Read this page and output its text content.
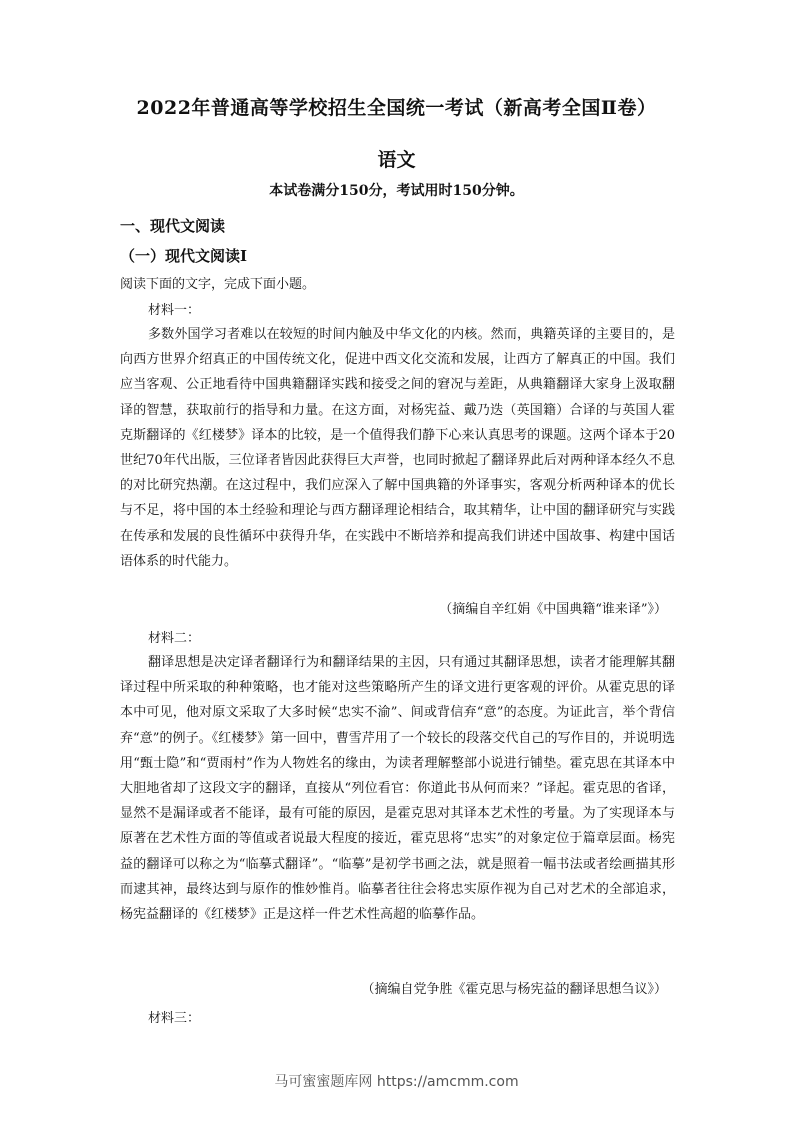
2022年普通高等学校招生全国统一考试（新高考全国Ⅱ卷）
语文
本试卷满分150分，考试用时150分钟。
一、现代文阅读
（一）现代文阅读Ⅰ
阅读下面的文字，完成下面小题。
材料一：
多数外国学习者难以在较短的时间内触及中华文化的内核。然而，典籍英译的主要目的，是向西方世界介绍真正的中国传统文化，促进中西文化交流和发展，让西方了解真正的中国。我们应当客观、公正地看待中国典籍翻译实践和接受之间的窘况与差距，从典籍翻译大家身上汲取翻译的智慧，获取前行的指导和力量。在这方面，对杨宪益、戴乃迭（英国籍）合译的与英国人霍克斯翻译的《红楼梦》译本的比较，是一个值得我们静下心来认真思考的课题。这两个译本于20世纪70年代出版，三位译者皆因此获得巨大声誉，也同时掀起了翻译界此后对两种译本经久不息的对比研究热潮。在这过程中，我们应深入了解中国典籍的外译事实，客观分析两种译本的优长与不足，将中国的本土经验和理论与西方翻译理论相结合，取其精华，让中国的翻译研究与实践在传承和发展的良性循环中获得升华，在实践中不断培养和提高我们讲述中国故事、构建中国话语体系的时代能力。
（摘编自辛红娟《中国典籍“谁来译”》）
材料二：
翻译思想是决定译者翻译行为和翻译结果的主因，只有通过其翻译思想，读者才能理解其翻译过程中所采取的种种策略，也才能对这些策略所产生的译文进行更客观的评价。从霍克思的译本中可见，他对原文采取了大多时候“忠实不渝”、间或背信弃“意”的态度。为证此言，举个背信弃“意”的例子。《红楼梦》第一回中，曹雪芹用了一个较长的段落交代自己的写作目的，并说明选用“甄士隐”和“贾雨村”作为人物姓名的缘由，为读者理解整部小说进行铺垫。霍克思在其译本中大胆地省却了这段文字的翻译，直接从“列位看官：你道此书从何而来？”译起。霍克思的省译，显然不是漏译或者不能译，最有可能的原因，是霍克思对其译本艺术性的考量。为了实现译本与原著在艺术性方面的等值或者说最大程度的接近，霍克思将“忠实”的对象定位于篇章层面。杨宪益的翻译可以称之为“临摹式翻译”。“临摹”是初学书画之法，就是照着一幅书法或者绘画描其形而逮其神，最终达到与原作的惟妙惟肖。临摹者往往会将忠实原作视为自己对艺术的全部追求，杨宪益翻译的《红楼梦》正是这样一件艺术性高超的临摹作品。
（摘编自党争胜《霍克思与杨宪益的翻译思想刍议》）
材料三：
马可蜜蜜题库网 https://amcmm.com
